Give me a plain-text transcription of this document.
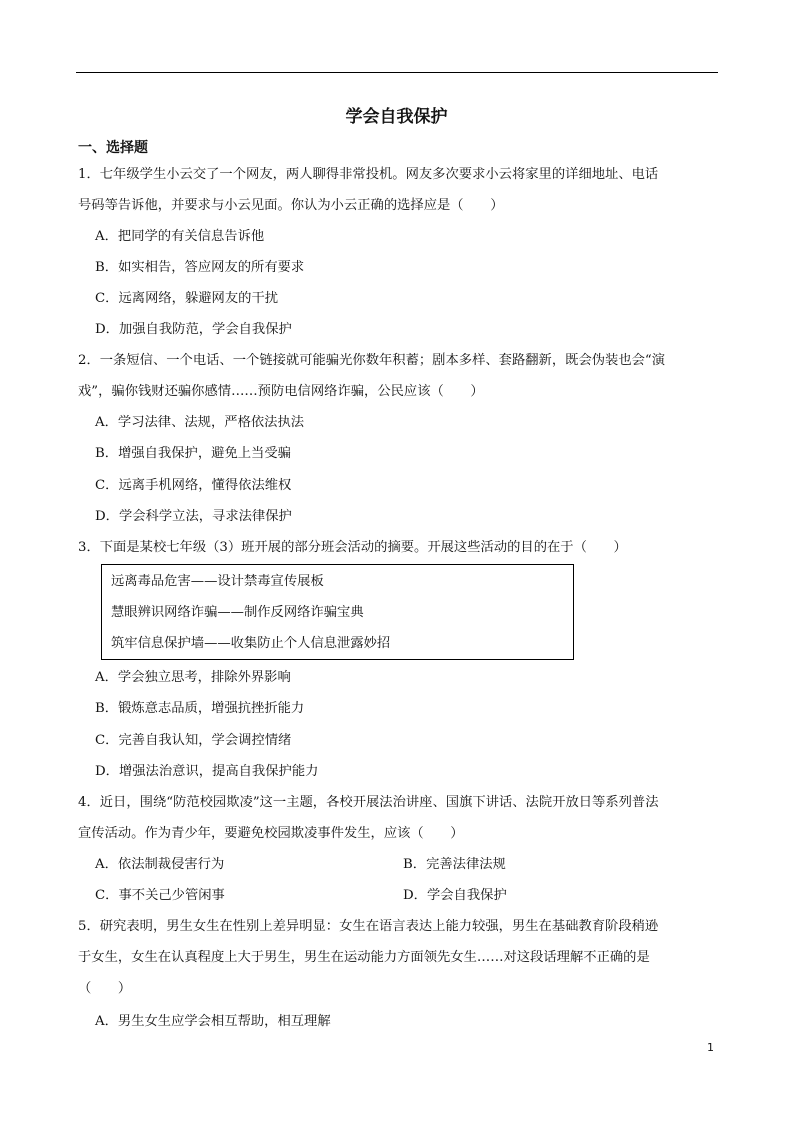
学会自我保护
一、选择题
1．七年级学生小云交了一个网友，两人聊得非常投机。网友多次要求小云将家里的详细地址、电话
号码等告诉他，并要求与小云见面。你认为小云正确的选择应是（　　）
A．把同学的有关信息告诉他
B．如实相告，答应网友的所有要求
C．远离网络，躲避网友的干扰
D．加强自我防范，学会自我保护
2．一条短信、一个电话、一个链接就可能骗光你数年积蓄；剧本多样、套路翻新，既会伪装也会“演
戏”，骗你钱财还骗你感情……预防电信网络诈骗，公民应该（　　）
A．学习法律、法规，严格依法执法
B．增强自我保护，避免上当受骗
C．远离手机网络，懂得依法维权
D．学会科学立法，寻求法律保护
3．下面是某校七年级（3）班开展的部分班会活动的摘要。开展这些活动的目的在于（　　）
远离毒品危害——设计禁毒宣传展板
慧眼辨识网络诈骗——制作反网络诈骗宝典
筑牢信息保护墙——收集防止个人信息泄露妙招
A．学会独立思考，排除外界影响
B．锻炼意志品质，增强抗挫折能力
C．完善自我认知，学会调控情绪
D．增强法治意识，提高自我保护能力
4．近日，围绕“防范校园欺凌”这一主题，各校开展法治讲座、国旗下讲话、法院开放日等系列普法
宣传活动。作为青少年，要避免校园欺凌事件发生，应该（　　）
A．依法制裁侵害行为	B．完善法律法规
C．事不关己少管闲事	D．学会自我保护
5．研究表明，男生女生在性别上差异明显：女生在语言表达上能力较强，男生在基础教育阶段稍逊
于女生，女生在认真程度上大于男生，男生在运动能力方面领先女生……对这段话理解不正确的是
（　　）
A．男生女生应学会相互帮助，相互理解
1
